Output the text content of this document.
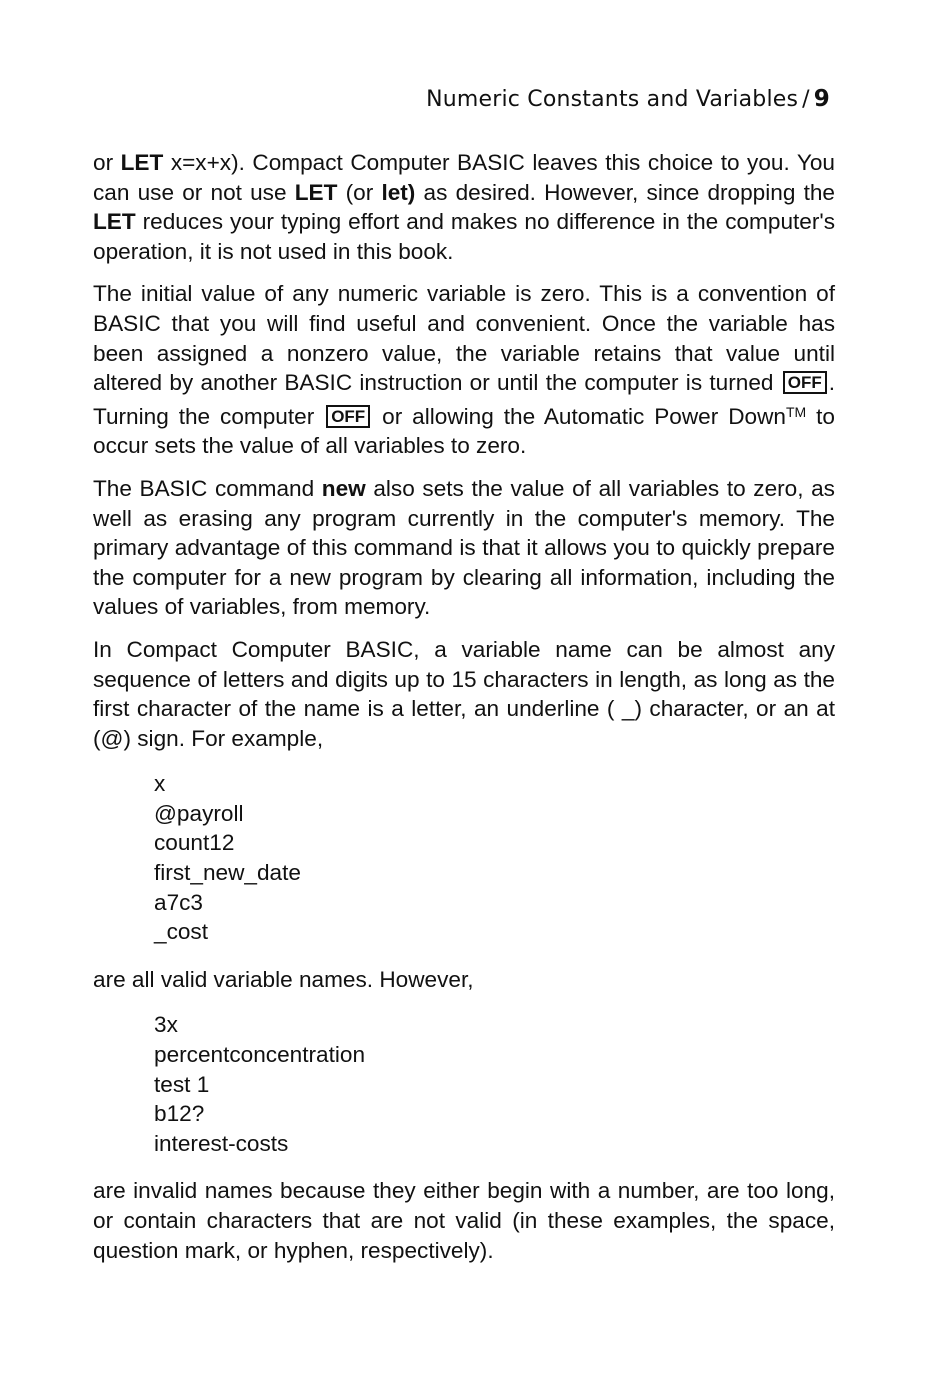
Numeric Constants and Variables / 9

or LET x=x+x). Compact Computer BASIC leaves this choice to you. You can use or not use LET (or let) as desired. However, since dropping the LET reduces your typing effort and makes no difference in the computer's operation, it is not used in this book.

The initial value of any numeric variable is zero. This is a convention of BASIC that you will find useful and convenient. Once the variable has been assigned a nonzero value, the variable retains that value until altered by another BASIC instruction or until the computer is turned OFF . Turning the computer OFF or allowing the Automatic Power Down™ to occur sets the value of all variables to zero.

The BASIC command new also sets the value of all variables to zero, as well as erasing any program currently in the computer's memory. The primary advantage of this command is that it allows you to quickly prepare the computer for a new program by clearing all information, including the values of variables, from memory.

In Compact Computer BASIC, a variable name can be almost any sequence of letters and digits up to 15 characters in length, as long as the first character of the name is a letter, an underline ( _) character, or an at (@) sign. For example,

x
@payroll
count12
first_new_date
a7c3
_cost

are all valid variable names. However,

3x
percentconcentration
test 1
b12?
interest-costs

are invalid names because they either begin with a number, are too long, or contain characters that are not valid (in these examples, the space, question mark, or hyphen, respectively).
